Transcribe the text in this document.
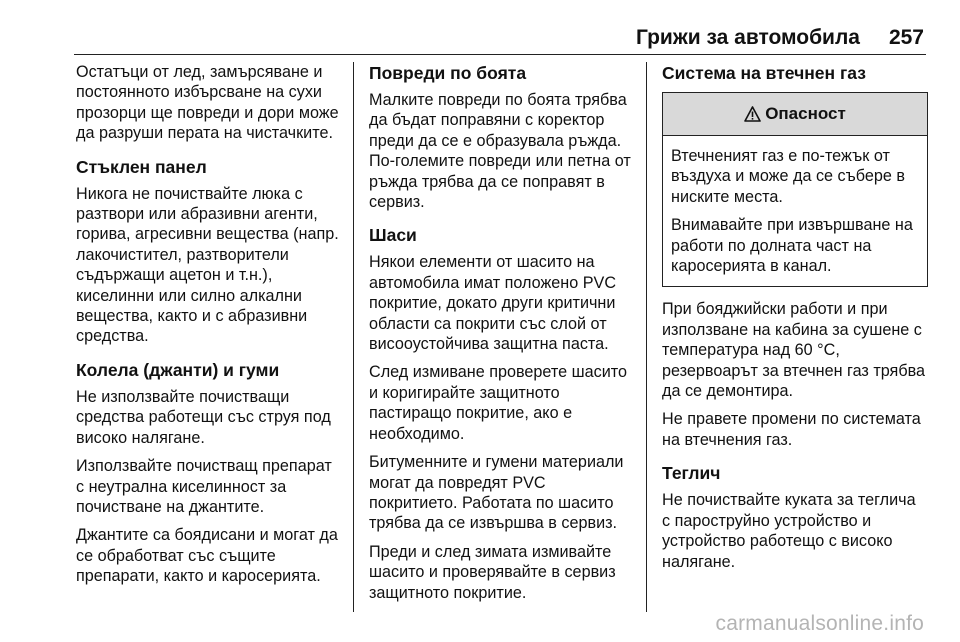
Грижи за автомобила 257

Остатъци от лед, замърсяване и постоянното избърсване на сухи прозорци ще повреди и дори може да разруши перата на чистачките.

Стъклен панел

Никога не почиствайте люка с разтвори или абразивни агенти, горива, агресивни вещества (напр. лакочистител, разтворители съдържащи ацетон и т.н.), киселинни или силно алкални вещества, както и с абразивни средства.

Колела (джанти) и гуми

Не използвайте почистващи средства работещи със струя под високо налягане.

Използвайте почистващ препарат с неутрална киселинност за почистване на джантите.

Джантите са боядисани и могат да се обработват със същите препарати, както и каросерията.

Повреди по боята

Малките повреди по боята трябва да бъдат поправяни с коректор преди да се е образувала ръжда. По-големите повреди или петна от ръжда трябва да се поправят в сервиз.

Шаси

Някои елементи от шасито на автомобила имат положено PVC покритие, докато други критични области са покрити със слой от висооустойчива защитна паста.

След измиване проверете шасито и коригирайте защитното пастиращо покритие, ако е необходимо.

Битуменните и гумени материали могат да повредят PVC покритието. Работата по шасито трябва да се извършва в сервиз.

Преди и след зимата измивайте шасито и проверявайте в сервиз защитното покритие.

Система на втечнен газ
Опасност

Втечненият газ е по-тежък от въздуха и може да се събере в ниските места.

Внимавайте при извършване на работи по долната част на каросерията в канал.

При бояджийски работи и при използване на кабина за сушене с температура над 60 °С, резервоарът за втечнен газ трябва да се демонтира.

Не правете промени по системата на втечнения газ.

Теглич

Не почиствайте куката за теглича с пароструйно устройство и устройство работещо с високо налягане.

carmanualsonline.info
